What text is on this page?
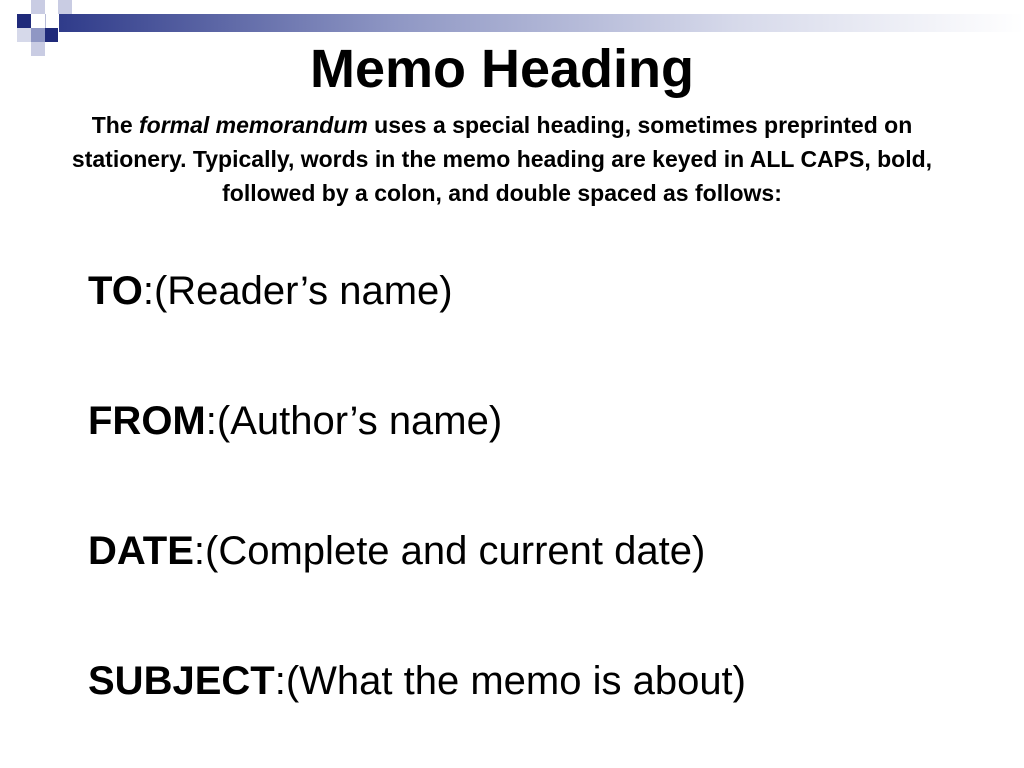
Memo Heading

The formal memorandum uses a special heading, sometimes preprinted on stationery. Typically, words in the memo heading are keyed in ALL CAPS, bold, followed by a colon, and double spaced as follows:

TO:(Reader’s name)
FROM:(Author’s name)
DATE:(Complete and current date)
SUBJECT:(What the memo is about)
